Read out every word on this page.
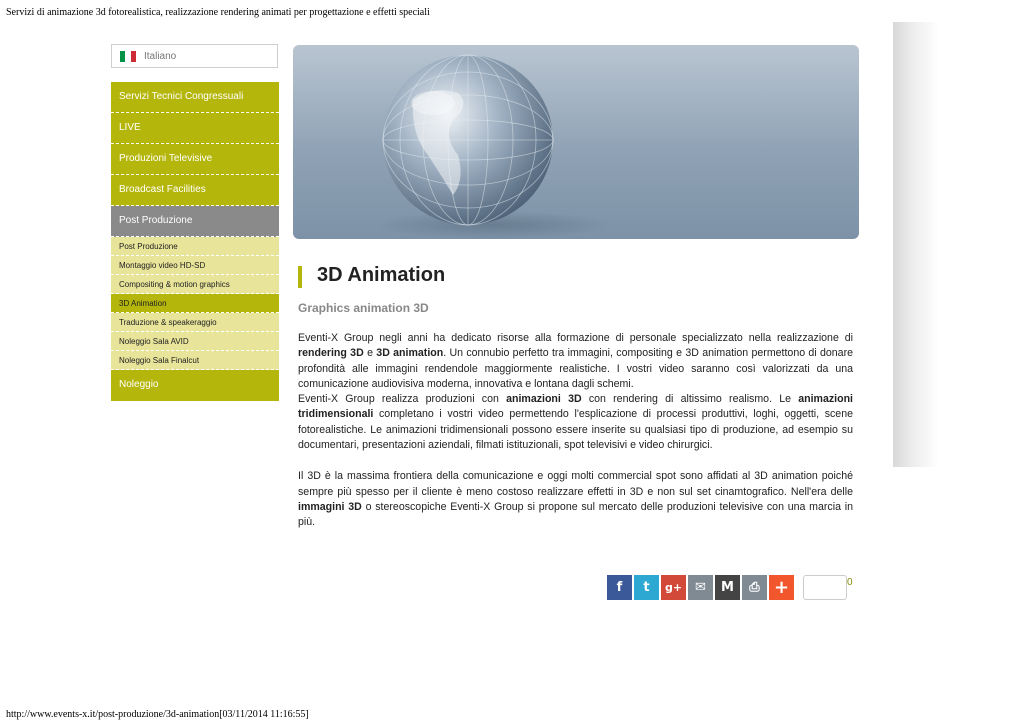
Servizi di animazione 3d fotorealistica, realizzazione rendering animati per progettazione e effetti speciali
Italiano
Servizi Tecnici Congressuali
LIVE
Produzioni Televisive
Broadcast Facilities
Post Produzione
Post Produzione
Montaggio video HD-SD
Compositing & motion graphics
3D Animation
Traduzione & speakeraggio
Noleggio Sala AVID
Noleggio Sala Finalcut
Noleggio
3D Animation
Graphics animation 3D

Eventi-X Group negli anni ha dedicato risorse alla formazione di personale specializzato nella realizzazione di rendering 3D e 3D animation. Un connubio perfetto tra immagini, compositing e 3D animation permettono di donare profondità alle immagini rendendole maggiormente realistiche. I vostri video saranno così valorizzati da una comunicazione audiovisiva moderna, innovativa e lontana dagli schemi.

Eventi-X Group realizza produzioni con animazioni 3D con rendering di altissimo realismo. Le animazioni tridimensionali completano i vostri video permettendo l'esplicazione di processi produttivi, loghi, oggetti, scene fotorealistiche. Le animazioni tridimensionali possono essere inserite su qualsiasi tipo di produzione, ad esempio su documentari, presentazioni aziendali, filmati istituzionali, spot televisivi e video chirurgici.

Il 3D è la massima frontiera della comunicazione e oggi molti commercial spot sono affidati al 3D animation poiché sempre più spesso per il cliente è meno costoso realizzare effetti in 3D e non sul set cinamtografico. Nell'era delle immagini 3D o stereoscopiche Eventi-X Group si propone sul mercato delle produzioni televisive con una marcia in più.

f	t	g+	✉	M	⎙ +	0
http://www.events-x.it/post-produzione/3d-animation[03/11/2014 11:16:55]
